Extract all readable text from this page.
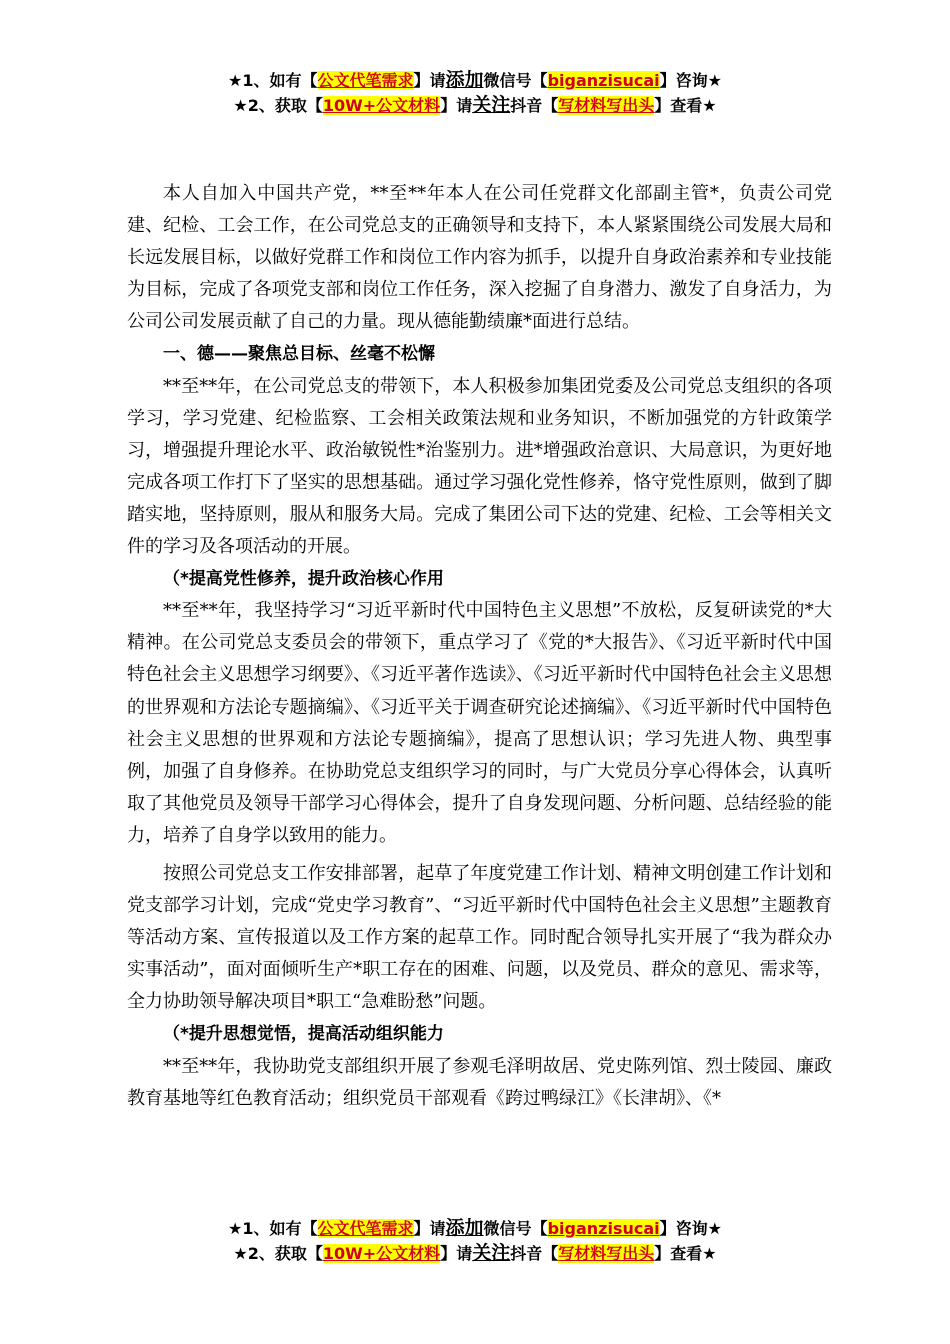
★1、如有【公文代笔需求】请添加微信号【biganzisucai】咨询★
★2、获取【10W+公文材料】请关注抖音【写材料写出头】查看★

本人自加入中国共产党，**至**年本人在公司任党群文化部副主管*，负责公司党建、纪检、工会工作，在公司党总支的正确领导和支持下，本人紧紧围绕公司发展大局和长远发展目标，以做好党群工作和岗位工作内容为抓手，以提升自身政治素养和专业技能为目标，完成了各项党支部和岗位工作任务，深入挖掘了自身潜力、激发了自身活力，为公司公司发展贡献了自己的力量。现从德能勤绩廉*面进行总结。

一、德——聚焦总目标、丝毫不松懈

**至**年，在公司党总支的带领下，本人积极参加集团党委及公司党总支组织的各项学习，学习党建、纪检监察、工会相关政策法规和业务知识，不断加强党的方针政策学习，增强提升理论水平、政治敏锐性*治鉴别力。进*增强政治意识、大局意识，为更好地完成各项工作打下了坚实的思想基础。通过学习强化党性修养，恪守党性原则，做到了脚踏实地，坚持原则，服从和服务大局。完成了集团公司下达的党建、纪检、工会等相关文件的学习及各项活动的开展。

（*提高党性修养，提升政治核心作用

**至**年，我坚持学习“习近平新时代中国特色主义思想”不放松，反复研读党的*大精神。在公司党总支委员会的带领下，重点学习了《党的*大报告》、《习近平新时代中国特色社会主义思想学习纲要》、《习近平著作选读》、《习近平新时代中国特色社会主义思想的世界观和方法论专题摘编》、《习近平关于调查研究论述摘编》、《习近平新时代中国特色社会主义思想的世界观和方法论专题摘编》，提高了思想认识；学习先进人物、典型事例，加强了自身修养。在协助党总支组织学习的同时，与广大党员分享心得体会，认真听取了其他党员及领导干部学习心得体会，提升了自身发现问题、分析问题、总结经验的能力，培养了自身学以致用的能力。

按照公司党总支工作安排部署，起草了年度党建工作计划、精神文明创建工作计划和党支部学习计划，完成“党史学习教育”、“习近平新时代中国特色社会主义思想”主题教育等活动方案、宣传报道以及工作方案的起草工作。同时配合领导扎实开展了“我为群众办实事活动”，面对面倾听生产*职工存在的困难、问题，以及党员、群众的意见、需求等，全力协助领导解决项目*职工“急难盼愁”问题。

（*提升思想觉悟，提高活动组织能力

**至**年，我协助党支部组织开展了参观毛泽明故居、党史陈列馆、烈士陵园、廉政教育基地等红色教育活动；组织党员干部观看《跨过鸭绿江》《长津胡》、《*

★1、如有【公文代笔需求】请添加微信号【biganzisucai】咨询★
★2、获取【10W+公文材料】请关注抖音【写材料写出头】查看★
